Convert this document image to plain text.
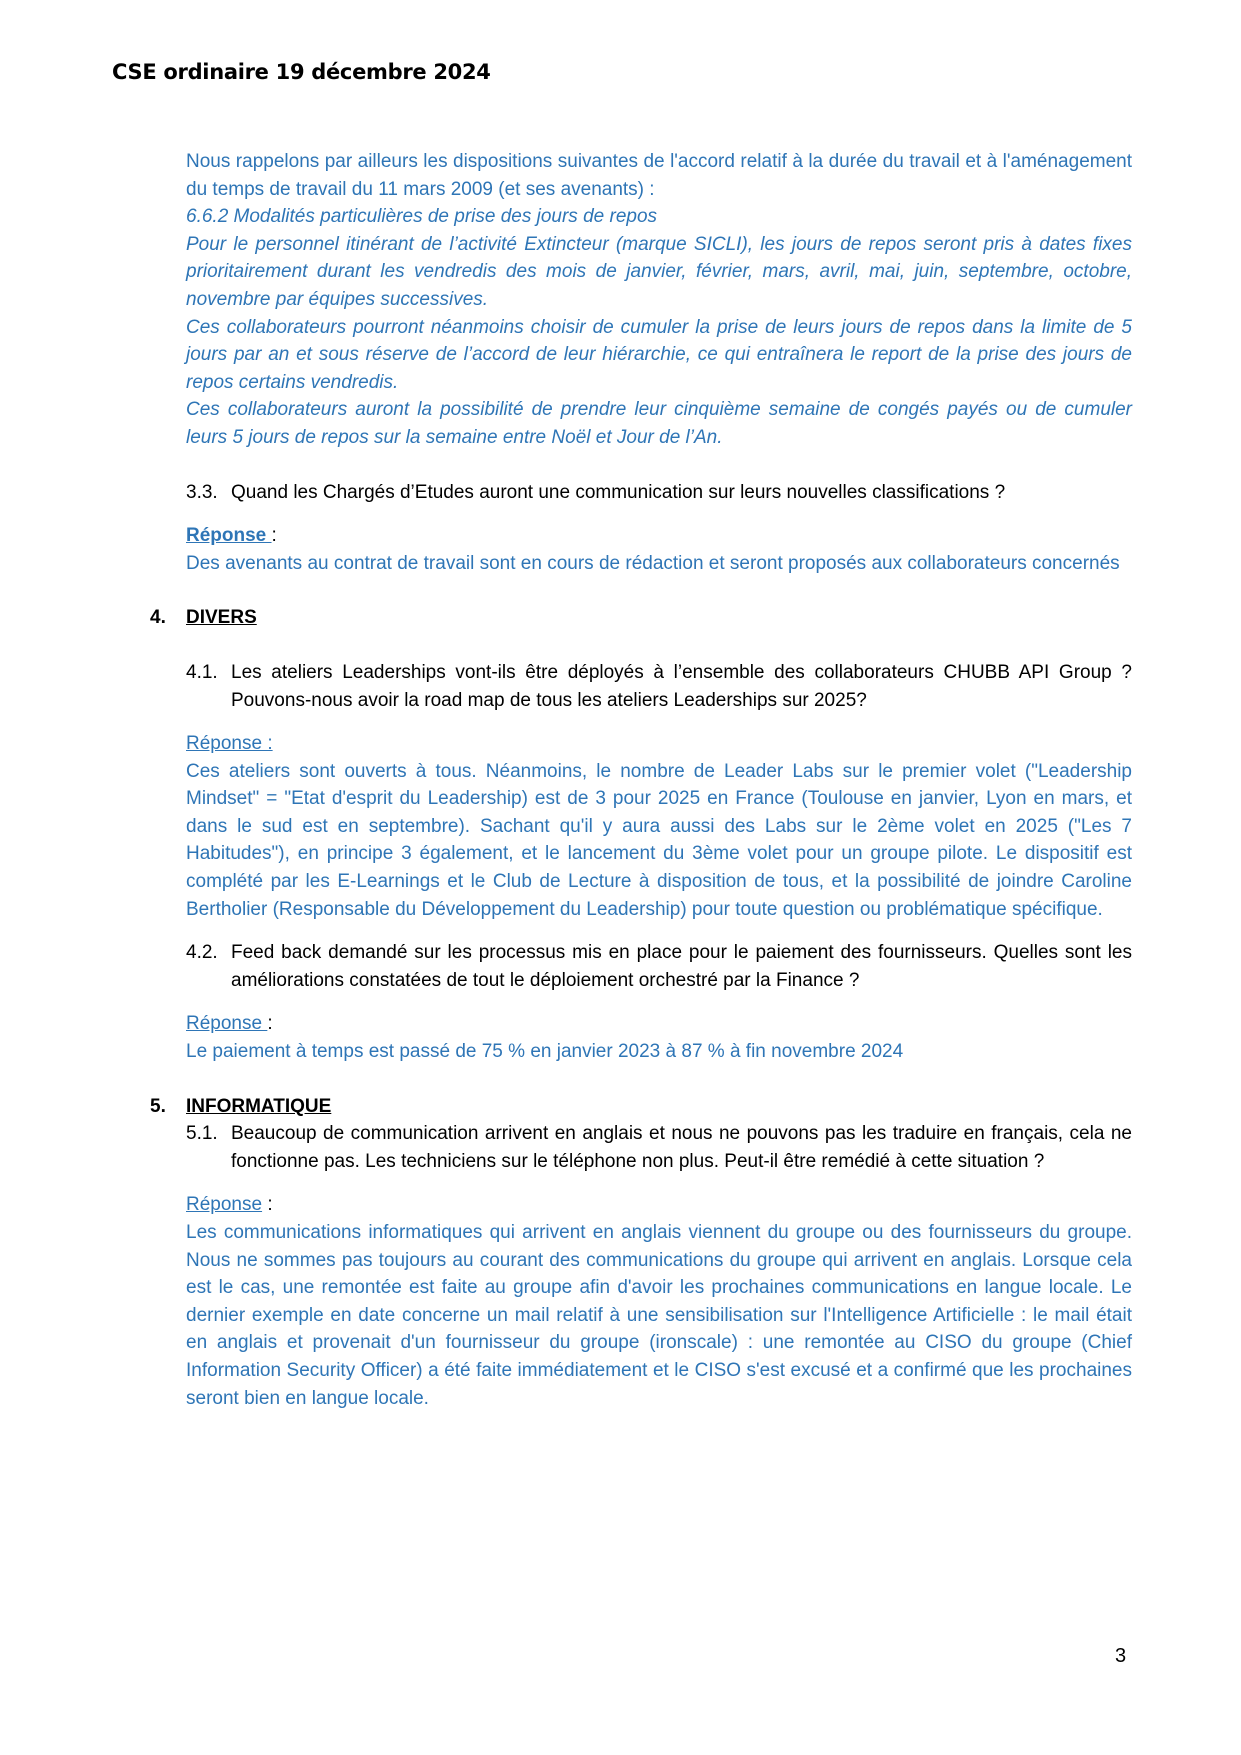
CSE ordinaire 19 décembre 2024

Nous rappelons par ailleurs les dispositions suivantes de l'accord relatif à la durée du travail et à l'aménagement du temps de travail du 11 mars 2009 (et ses avenants) :

6.6.2 Modalités particulières de prise des jours de repos

Pour le personnel itinérant de l’activité Extincteur (marque SICLI), les jours de repos seront pris à dates fixes prioritairement durant les vendredis des mois de janvier, février, mars, avril, mai, juin, septembre, octobre, novembre par équipes successives.

Ces collaborateurs pourront néanmoins choisir de cumuler la prise de leurs jours de repos dans la limite de 5 jours par an et sous réserve de l’accord de leur hiérarchie, ce qui entraînera le report de la prise des jours de repos certains vendredis.

Ces collaborateurs auront la possibilité de prendre leur cinquième semaine de congés payés ou de cumuler leurs 5 jours de repos sur la semaine entre Noël et Jour de l’An.

3.3. Quand les Chargés d’Etudes auront une communication sur leurs nouvelles classifications ?

Réponse :

Des avenants au contrat de travail sont en cours de rédaction et seront proposés aux collaborateurs concernés

4. DIVERS

4.1. Les ateliers Leaderships vont-ils être déployés à l’ensemble des collaborateurs CHUBB API Group ? Pouvons-nous avoir la road map de tous les ateliers Leaderships sur 2025?

Réponse :

Ces ateliers sont ouverts à tous. Néanmoins, le nombre de Leader Labs sur le premier volet ("Leadership Mindset" = "Etat d'esprit du Leadership) est de 3 pour 2025 en France (Toulouse en janvier, Lyon en mars, et dans le sud est en septembre). Sachant qu'il y aura aussi des Labs sur le 2ème volet en 2025 ("Les 7 Habitudes"), en principe 3 également, et le lancement du 3ème volet pour un groupe pilote. Le dispositif est complété par les E-Learnings et le Club de Lecture à disposition de tous, et la possibilité de joindre Caroline Bertholier (Responsable du Développement du Leadership) pour toute question ou problématique spécifique.

4.2. Feed back demandé sur les processus mis en place pour le paiement des fournisseurs. Quelles sont les améliorations constatées de tout le déploiement orchestré par la Finance ?

Réponse :

Le paiement à temps est passé de 75 % en janvier 2023 à 87 % à fin novembre 2024

5. INFORMATIQUE

5.1. Beaucoup de communication arrivent en anglais et nous ne pouvons pas les traduire en français, cela ne fonctionne pas. Les techniciens sur le téléphone non plus. Peut-il être remédié à cette situation ?

Réponse :

Les communications informatiques qui arrivent en anglais viennent du groupe ou des fournisseurs du groupe. Nous ne sommes pas toujours au courant des communications du groupe qui arrivent en anglais. Lorsque cela est le cas, une remontée est faite au groupe afin d'avoir les prochaines communications en langue locale. Le dernier exemple en date concerne un mail relatif à une sensibilisation sur l'Intelligence Artificielle : le mail était en anglais et provenait d'un fournisseur du groupe (ironscale) : une remontée au CISO du groupe (Chief Information Security Officer) a été faite immédiatement et le CISO s'est excusé et a confirmé que les prochaines seront bien en langue locale.

3
